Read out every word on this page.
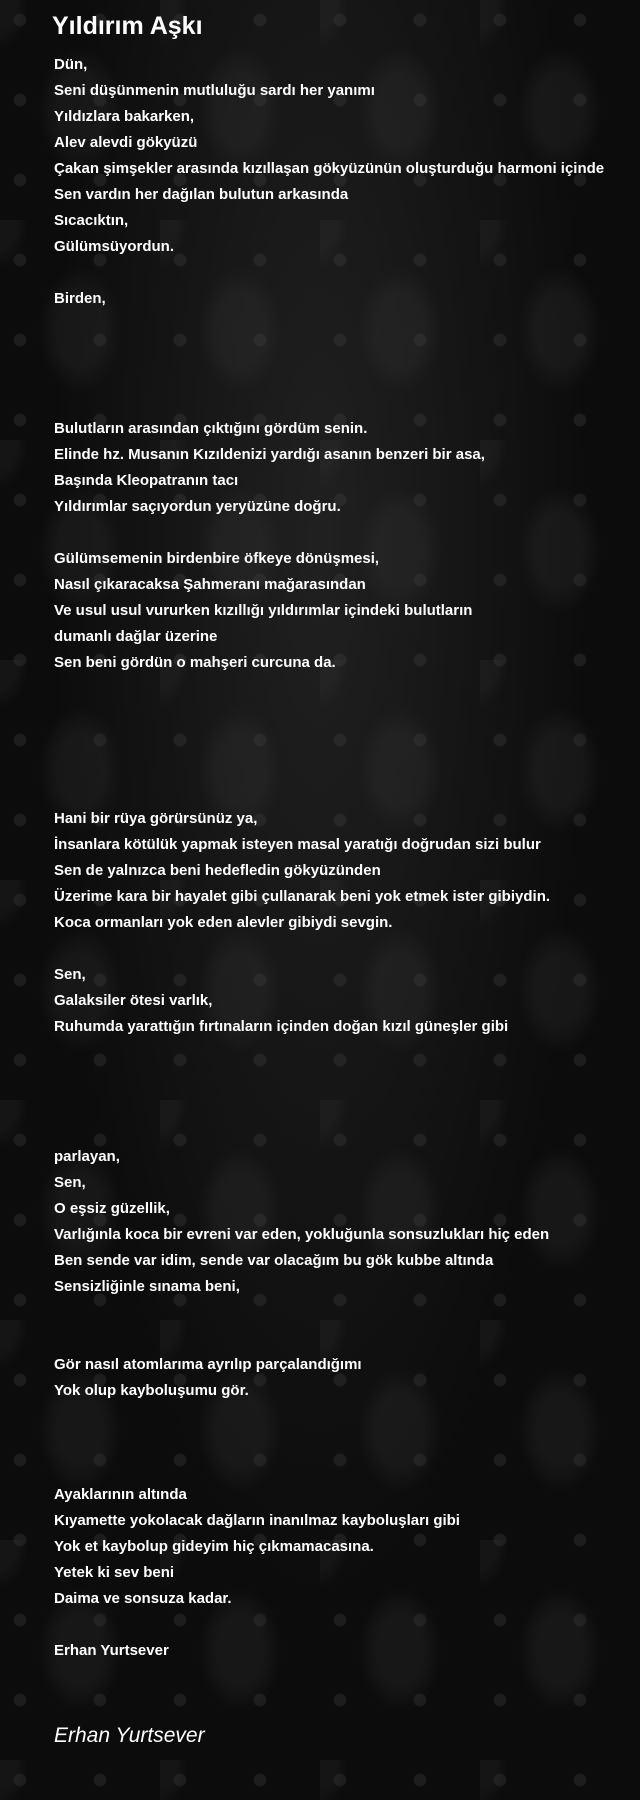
Yıldırım Aşkı
Dün,
Seni düşünmenin mutluluğu sardı her yanımı
Yıldızlara bakarken,
Alev alevdi gökyüzü
Çakan şimşekler arasında kızıllaşan gökyüzünün oluşturduğu harmoni içinde
Sen vardın her dağılan bulutun arkasında
Sıcacıktın,
Gülümsüyordun.
Birden,
Bulutların arasından çıktığını gördüm senin.
Elinde hz. Musanın Kızıldenizi yardığı asanın benzeri bir asa,
Başında Kleopatranın tacı
Yıldırımlar saçıyordun yeryüzüne doğru.
Gülümsemenin birdenbire öfkeye dönüşmesi,
Nasıl çıkaracaksa Şahmeranı mağarasından
Ve usul usul vururken kızıllığı yıldırımlar içindeki bulutların
dumanlı dağlar üzerine
Sen beni gördün o mahşeri curcuna da.
Hani bir rüya görürsünüz ya,
İnsanlara kötülük yapmak isteyen masal yaratığı doğrudan sizi bulur
Sen de yalnızca beni hedefledin gökyüzünden
Üzerime kara bir hayalet gibi çullanarak beni yok etmek ister gibiydin.
Koca ormanları yok eden alevler gibiydi sevgin.
Sen,
Galaksiler ötesi varlık,
Ruhumda yarattığın fırtınaların içinden doğan kızıl güneşler gibi
parlayan,
Sen,
O eşsiz güzellik,
Varlığınla koca bir evreni var eden, yokluğunla sonsuzlukları hiç eden
Ben sende var idim, sende var olacağım bu gök kubbe altında
Sensizliğinle sınama beni,
Gör nasıl atomlarıma ayrılıp parçalandığımı
Yok olup kayboluşumu gör.
Ayaklarının altında
Kıyamette yokolacak dağların inanılmaz kayboluşları gibi
Yok et kaybolup gideyim hiç çıkmamacasına.
Yetek ki sev beni
Daima ve sonsuza kadar.
Erhan Yurtsever
Erhan Yurtsever
